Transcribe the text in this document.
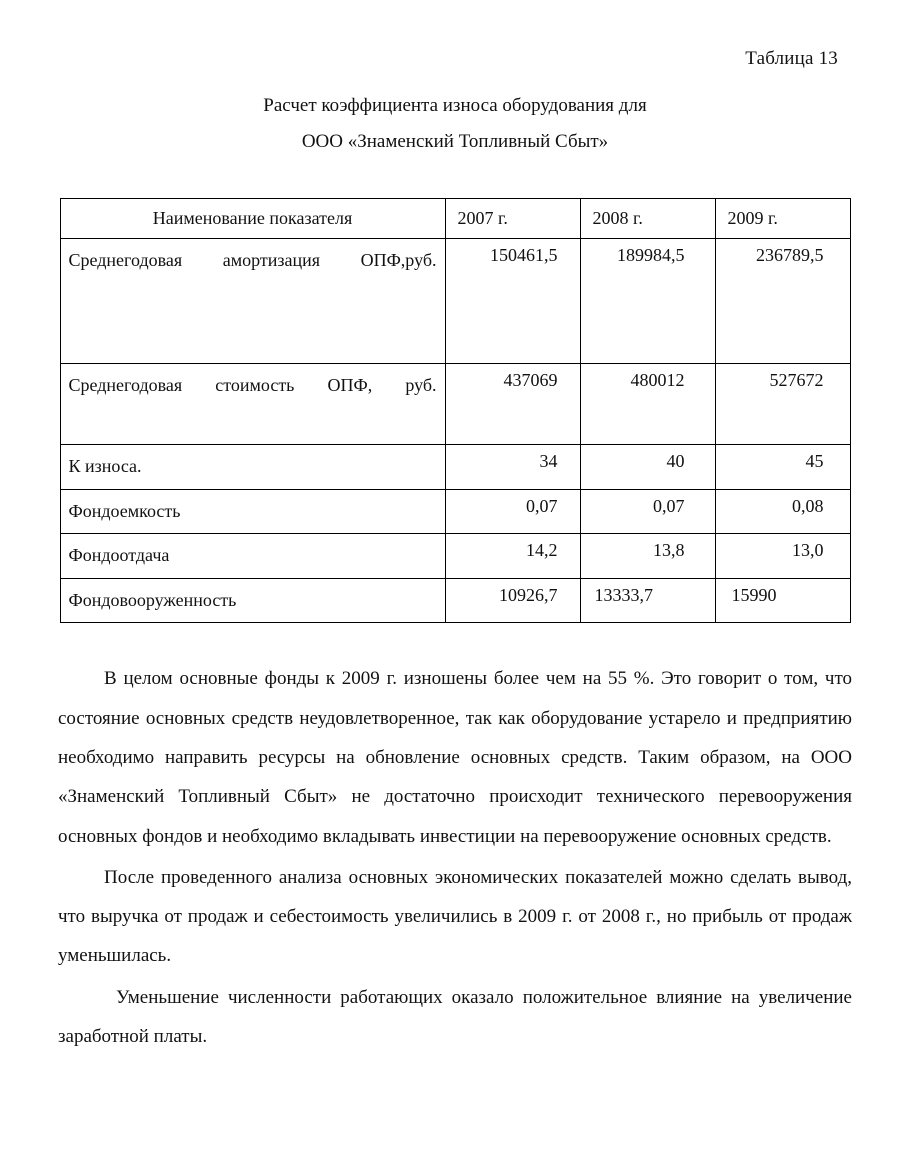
Таблица 13
Расчет коэффициента износа оборудования для
ООО «Знаменский Топливный Сбыт»
Наименование показателя	2007 г.	2008 г.	2009 г.
Среднегодовая амортизация ОПФ,руб.	150461,5	189984,5	236789,5
Среднегодовая стоимость ОПФ, руб.	437069	480012	527672
К износа.	34	40	45
Фондоемкость	0,07	0,07	0,08
Фондоотдача	14,2	13,8	13,0
Фондовооруженность	10926,7	13333,7	15990

В целом основные фонды к 2009 г. изношены более чем на 55 %. Это говорит о том, что состояние основных средств неудовлетворенное, так как оборудование устарело и предприятию необходимо направить ресурсы на обновление основных средств. Таким образом, на ООО «Знаменский Топливный Сбыт» не достаточно происходит технического перевооружения основных фондов и необходимо вкладывать инвестиции на перевооружение основных средств.

После проведенного анализа основных экономических показателей можно сделать вывод, что выручка от продаж и себестоимость увеличились в 2009 г. от 2008 г., но прибыль от продаж уменьшилась.

Уменьшение численности работающих оказало положительное влияние на увеличение заработной платы.
